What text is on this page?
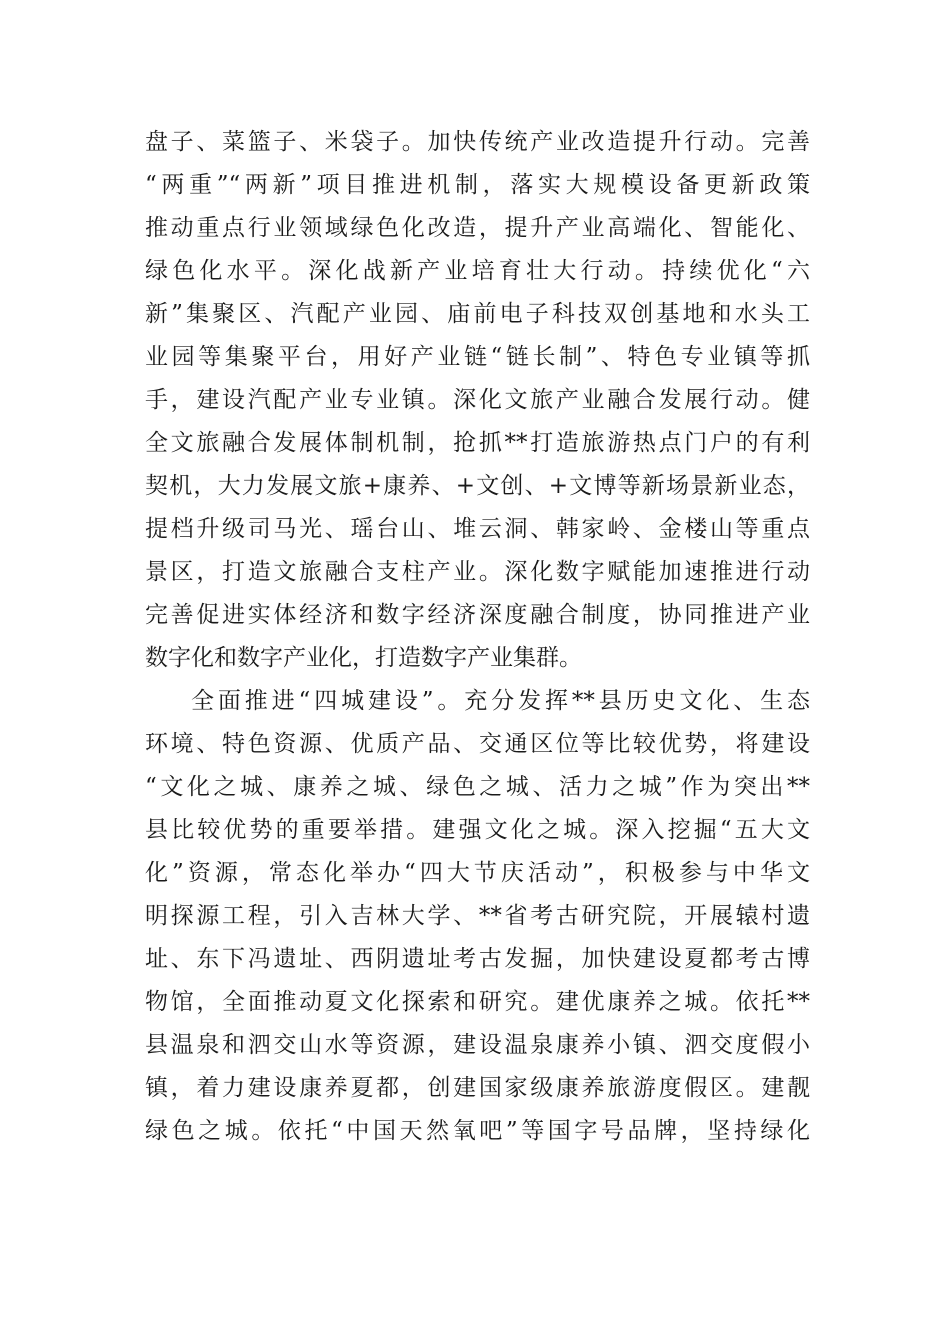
盘子、菜篮子、米袋子。加快传统产业改造提升行动。完善
“两重”“两新”项目推进机制，落实大规模设备更新政策
推动重点行业领域绿色化改造，提升产业高端化、智能化、
绿色化水平。深化战新产业培育壮大行动。持续优化“六
新”集聚区、汽配产业园、庙前电子科技双创基地和水头工
业园等集聚平台，用好产业链“链长制”、特色专业镇等抓
手，建设汽配产业专业镇。深化文旅产业融合发展行动。健
全文旅融合发展体制机制，抢抓**打造旅游热点门户的有利
契机，大力发展文旅+康养、+文创、+文博等新场景新业态，
提档升级司马光、瑶台山、堆云洞、韩家岭、金楼山等重点
景区，打造文旅融合支柱产业。深化数字赋能加速推进行动
完善促进实体经济和数字经济深度融合制度，协同推进产业
数字化和数字产业化，打造数字产业集群。
全面推进“四城建设”。充分发挥**县历史文化、生态
环境、特色资源、优质产品、交通区位等比较优势，将建设
“文化之城、康养之城、绿色之城、活力之城”作为突出**
县比较优势的重要举措。建强文化之城。深入挖掘“五大文
化”资源，常态化举办“四大节庆活动”，积极参与中华文
明探源工程，引入吉林大学、**省考古研究院，开展辕村遗
址、东下冯遗址、西阴遗址考古发掘，加快建设夏都考古博
物馆，全面推动夏文化探索和研究。建优康养之城。依托**
县温泉和泗交山水等资源，建设温泉康养小镇、泗交度假小
镇，着力建设康养夏都，创建国家级康养旅游度假区。建靓
绿色之城。依托“中国天然氧吧”等国字号品牌，坚持绿化
